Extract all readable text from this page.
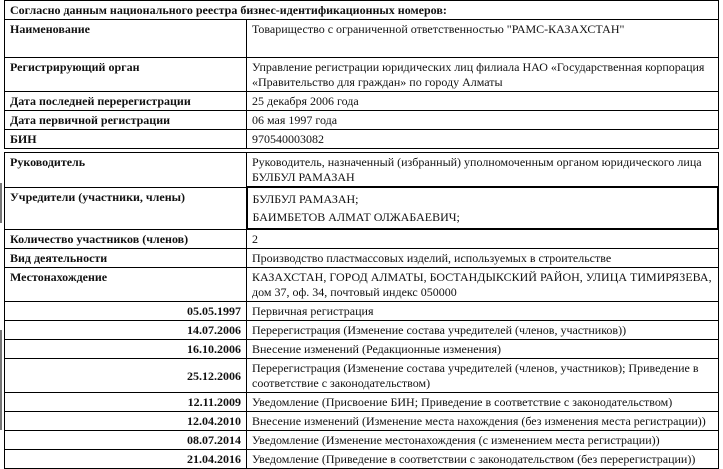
Согласно данным национального реестра бизнес-идентификационных номеров:	
Наименование	Товарищество с ограниченной ответственностью "РАМС-КАЗАХСТАН"
Регистрирующий орган	Управление регистрации юридических лиц филиала НАО «Государственная корпорация «Правительство для граждан» по городу Алматы
Дата последней перерегистрации	25 декабря 2006 года
Дата первичной регистрации	06 мая 1997 года
БИН	970540003082
Руководитель	Руководитель, назначенный (избранный) уполномоченным органом юридического лица
БУЛБУЛ РАМАЗАН

Учредители (участники, члены)	БУЛБУЛ РАМАЗАН;
БАИМБЕТОВ АЛМАТ ОЛЖАБАЕВИЧ;

Количество участников (членов)	2
Вид деятельности	Производство пластмассовых изделий, используемых в строительстве
Местонахождение	КАЗАХСТАН, ГОРОД АЛМАТЫ, БОСТАНДЫКСКИЙ РАЙОН, УЛИЦА ТИМИРЯЗЕВА, дом 37, оф. 34, почтовый индекс 050000
05.05.1997	Первичная регистрация
14.07.2006	Перерегистрация (Изменение состава учредителей (членов, участников))
16.10.2006	Внесение изменений (Редакционные изменения)
25.12.2006	Перерегистрация (Изменение состава учредителей (членов, участников); Приведение в соответствие с законодательством)
12.11.2009	Уведомление (Присвоение БИН; Приведение в соответствие с законодательством)
12.04.2010	Внесение изменений (Изменение места нахождения (без изменения места регистрации))
08.07.2014	Уведомление (Изменение местонахождения (с изменением места регистрации))
21.04.2016	Уведомление (Приведение в соответствии с законодательством (без перерегистрации))
